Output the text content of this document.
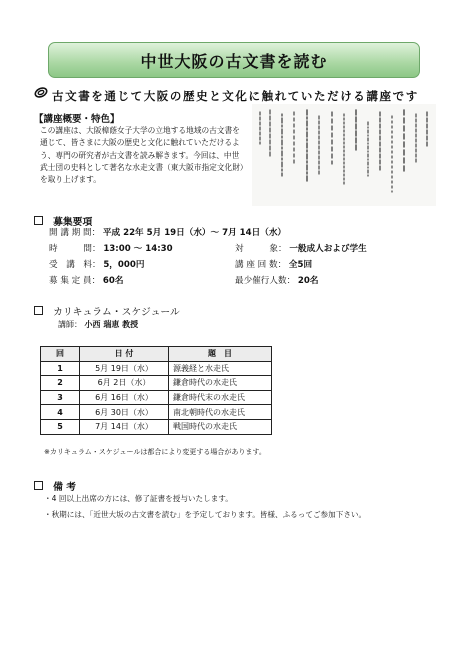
中世大阪の古文書を読む
古文書を通じて大阪の歴史と文化に触れていただける講座です
【講座概要・特色】
この講座は、大阪樟蔭女子大学の立地する地域の古文書を通じて、皆さまに大阪の歴史と文化に触れていただけるよう、専門の研究者が古文書を読み解きます。今回は、中世武士団の史料として著名な水走文書（東大阪市指定文化財）を取り上げます。
募集要項
開 講 期 間： 平成 22年 5月 19日（水）～ 7月 14日（水）
時　　　間： 13:00 〜 14:30	対　　　象： 一般成人および学生
受　講　料： 5，000円	講 座 回 数： 全5回
募 集 定 員： 60名	最少催行人数： 20名
カリキュラム・スケジュール
講師： 小西 瑞恵 教授
回	日 付	題　目
1	5月 19日（水）	源義経と水走氏
2	6月 2日（水）	鎌倉時代の水走氏
3	6月 16日（水）	鎌倉時代末の水走氏
4	6月 30日（水）	南北朝時代の水走氏
5	7月 14日（水）	戦国時代の水走氏
※カリキュラム・スケジュールは都合により変更する場合があります。
備 考
・4 回以上出席の方には、修了証書を授与いたします。
・秋期には、「近世大坂の古文書を読む」を予定しております。皆様、ふるってご参加下さい。
